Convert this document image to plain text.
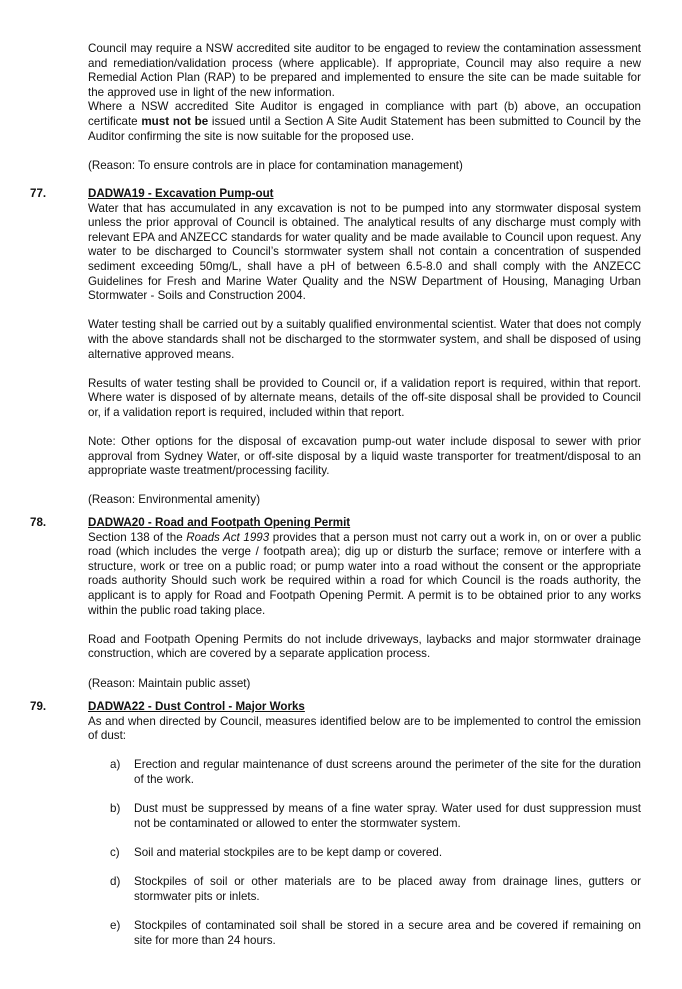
Council may require a NSW accredited site auditor to be engaged to review the contamination assessment and remediation/validation process (where applicable). If appropriate, Council may also require a new Remedial Action Plan (RAP) to be prepared and implemented to ensure the site can be made suitable for the approved use in light of the new information.

Where a NSW accredited Site Auditor is engaged in compliance with part (b) above, an occupation certificate must not be issued until a Section A Site Audit Statement has been submitted to Council by the Auditor confirming the site is now suitable for the proposed use.

(Reason: To ensure controls are in place for contamination management)

77.	DADWA19 - Excavation Pump-out

Water that has accumulated in any excavation is not to be pumped into any stormwater disposal system unless the prior approval of Council is obtained. The analytical results of any discharge must comply with relevant EPA and ANZECC standards for water quality and be made available to Council upon request. Any water to be discharged to Council’s stormwater system shall not contain a concentration of suspended sediment exceeding 50mg/L, shall have a pH of between 6.5-8.0 and shall comply with the ANZECC Guidelines for Fresh and Marine Water Quality and the NSW Department of Housing, Managing Urban Stormwater - Soils and Construction 2004.

Water testing shall be carried out by a suitably qualified environmental scientist. Water that does not comply with the above standards shall not be discharged to the stormwater system, and shall be disposed of using alternative approved means.

Results of water testing shall be provided to Council or, if a validation report is required, within that report. Where water is disposed of by alternate means, details of the off-site disposal shall be provided to Council or, if a validation report is required, included within that report.

Note: Other options for the disposal of excavation pump-out water include disposal to sewer with prior approval from Sydney Water, or off-site disposal by a liquid waste transporter for treatment/disposal to an appropriate waste treatment/processing facility.

(Reason: Environmental amenity)

78.	DADWA20 - Road and Footpath Opening Permit

Section 138 of the Roads Act 1993 provides that a person must not carry out a work in, on or over a public road (which includes the verge / footpath area); dig up or disturb the surface; remove or interfere with a structure, work or tree on a public road; or pump water into a road without the consent or the appropriate roads authority Should such work be required within a road for which Council is the roads authority, the applicant is to apply for Road and Footpath Opening Permit. A permit is to be obtained prior to any works within the public road taking place.

Road and Footpath Opening Permits do not include driveways, laybacks and major stormwater drainage construction, which are covered by a separate application process.

(Reason: Maintain public asset)

79.	DADWA22 - Dust Control - Major Works

As and when directed by Council, measures identified below are to be implemented to control the emission of dust:

a) Erection and regular maintenance of dust screens around the perimeter of the site for the duration of the work.

b) Dust must be suppressed by means of a fine water spray. Water used for dust suppression must not be contaminated or allowed to enter the stormwater system.

c) Soil and material stockpiles are to be kept damp or covered.

d) Stockpiles of soil or other materials are to be placed away from drainage lines, gutters or stormwater pits or inlets.

e) Stockpiles of contaminated soil shall be stored in a secure area and be covered if remaining on site for more than 24 hours.
